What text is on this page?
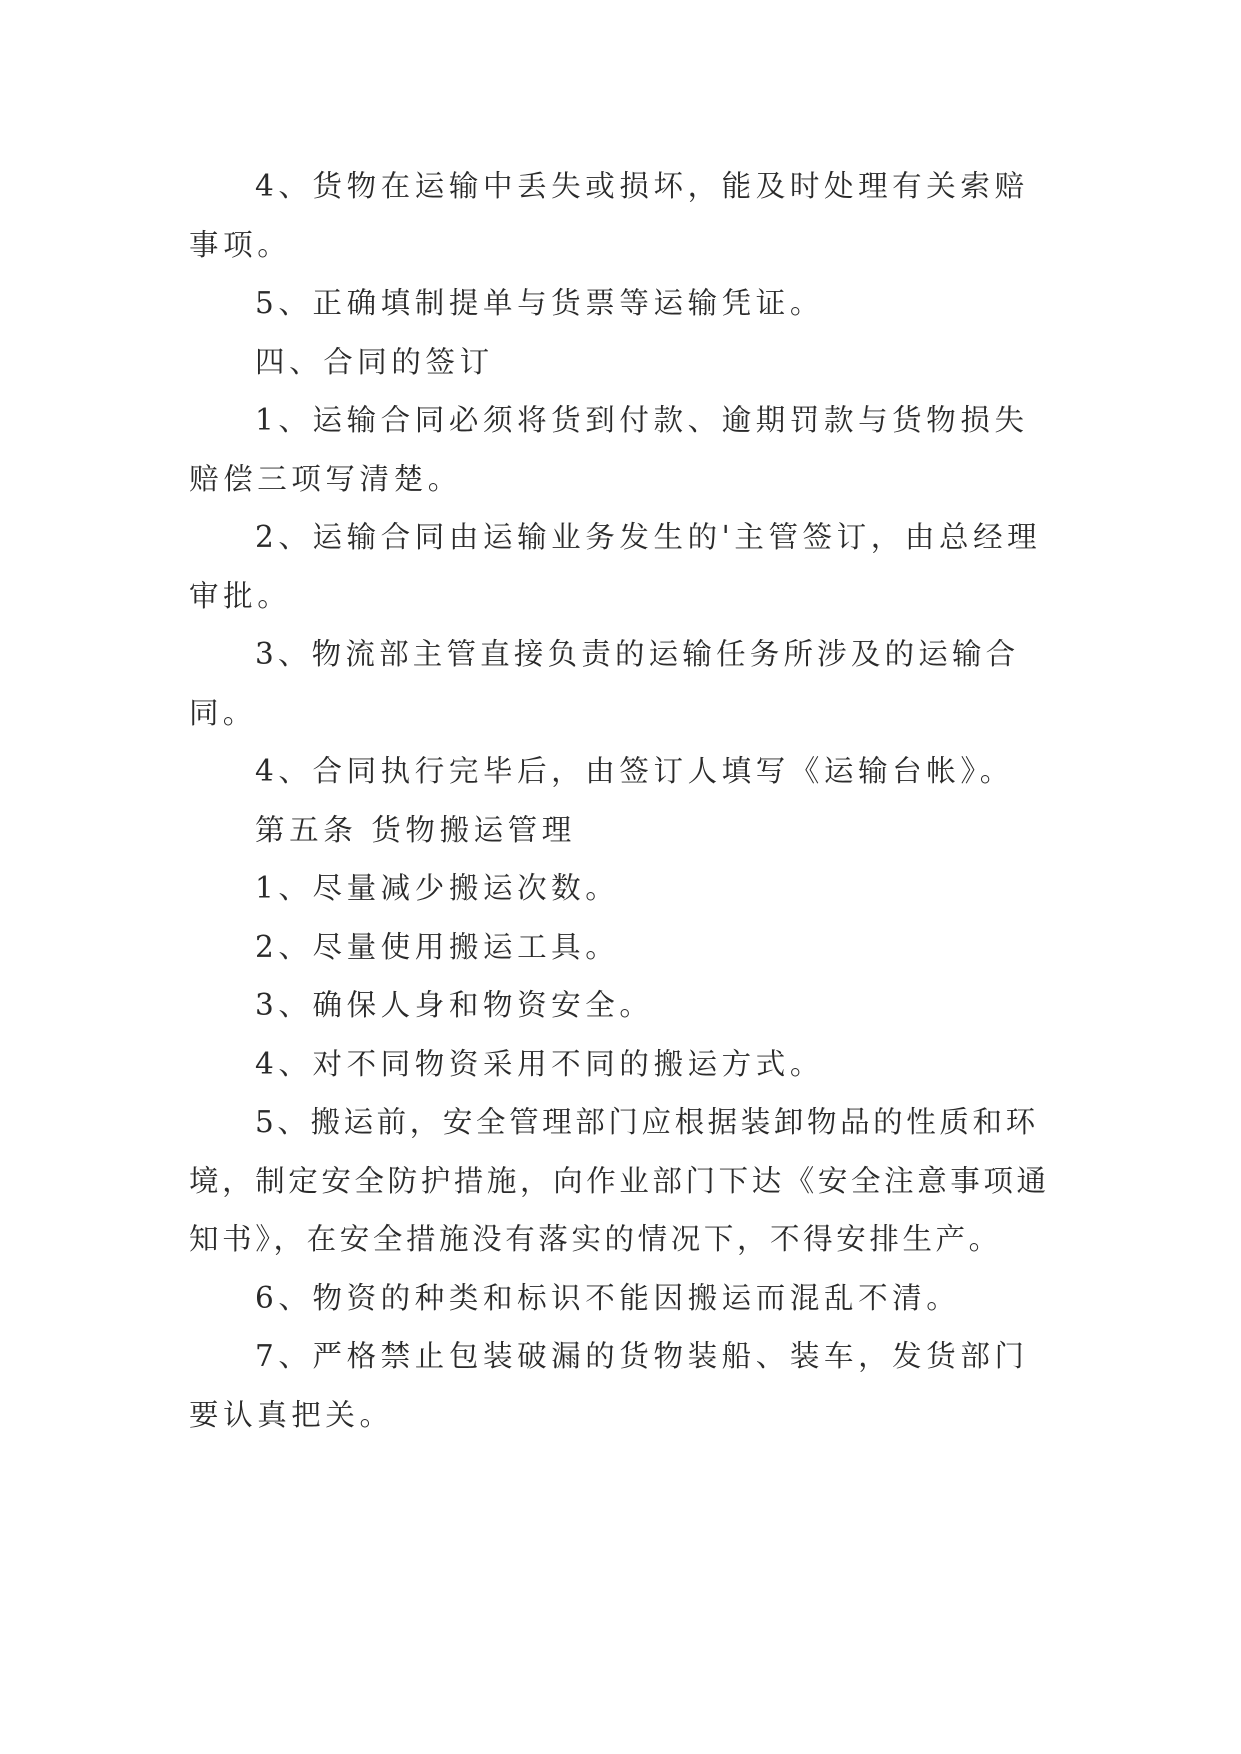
4、货物在运输中丢失或损坏，能及时处理有关索赔事项。

5、正确填制提单与货票等运输凭证。

四、合同的签订

1、运输合同必须将货到付款、逾期罚款与货物损失赔偿三项写清楚。

2、运输合同由运输业务发生的'主管签订，由总经理审批。

3、物流部主管直接负责的运输任务所涉及的运输合同。

4、合同执行完毕后，由签订人填写《运输台帐》。

第五条 货物搬运管理

1、尽量减少搬运次数。

2、尽量使用搬运工具。

3、确保人身和物资安全。

4、对不同物资采用不同的搬运方式。

5、搬运前，安全管理部门应根据装卸物品的性质和环境，制定安全防护措施，向作业部门下达《安全注意事项通知书》，在安全措施没有落实的情况下，不得安排生产。

6、物资的种类和标识不能因搬运而混乱不清。

7、严格禁止包装破漏的货物装船、装车，发货部门要认真把关。
